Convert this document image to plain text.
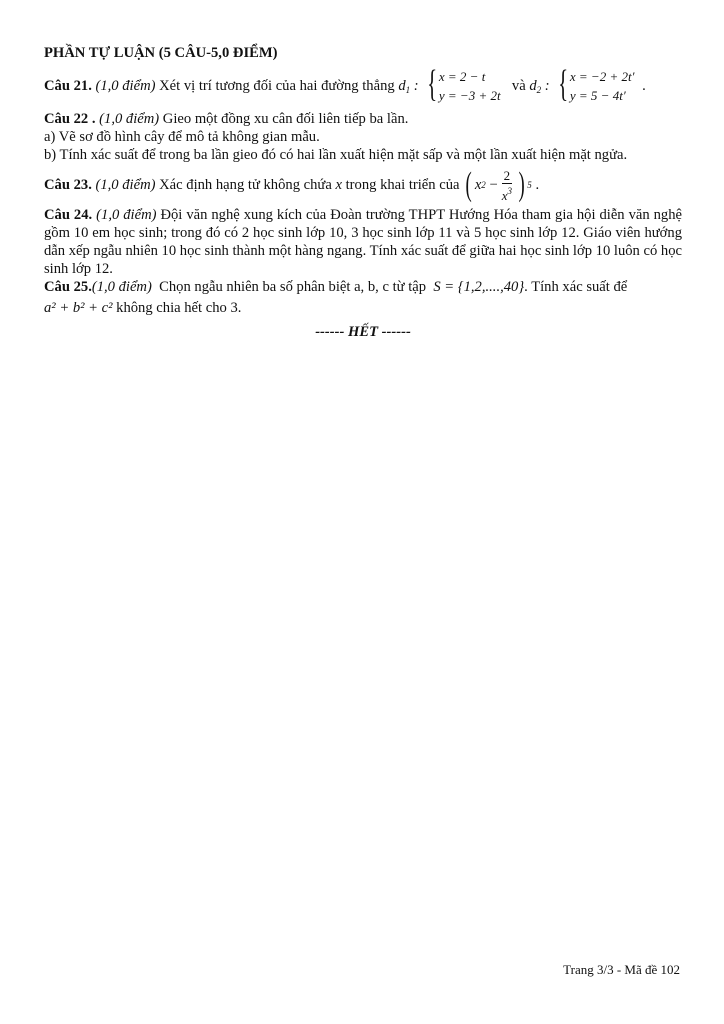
PHẦN TỰ LUẬN (5 CÂU-5,0 ĐIỂM)
Câu 21.
(1,0 điểm)
Xét vị trí tương đối của hai đường thẳng
$d_1$ : { x = 2 − t
y = −3 + 2t

và
$d_2$ : { x = −2 + 2t′
y = 5 − 4t′

.
Câu 22 . (1,0 điểm) Gieo một đồng xu cân đối liên tiếp ba lần.
a) Vẽ sơ đồ hình cây để mô tả không gian mẫu.
b) Tính xác suất để trong ba lần gieo đó có hai lần xuất hiện mặt sấp và một lần xuất hiện mặt ngửa.
Câu 23.
(1,0 điểm)
Xác định hạng tử không chứa
x
trong khai triển của ( x 2
− $\frac{2}{x^3}$ ) 5
.
Câu 24. (1,0 điểm) Đội văn nghệ xung kích của Đoàn trường THPT Hướng Hóa tham gia hội diễn văn nghệ gồm 10 em học sinh; trong đó có 2 học sinh lớp 10, 3 học sinh lớp 11 và 5 học sinh lớp 12. Giáo viên hướng dẫn xếp ngẫu nhiên 10 học sinh thành một hàng ngang. Tính xác suất để giữa hai học sinh lớp 10 luôn có học sinh lớp 12.
Câu 25.(1,0 điểm) Chọn ngẫu nhiên ba số phân biệt a, b, c từ tập S = {1,2,....,40}. Tính xác suất để
a² + b² + c²
không chia hết cho 3.
------ HẾT ------
Trang 3/3 - Mã đề 102
